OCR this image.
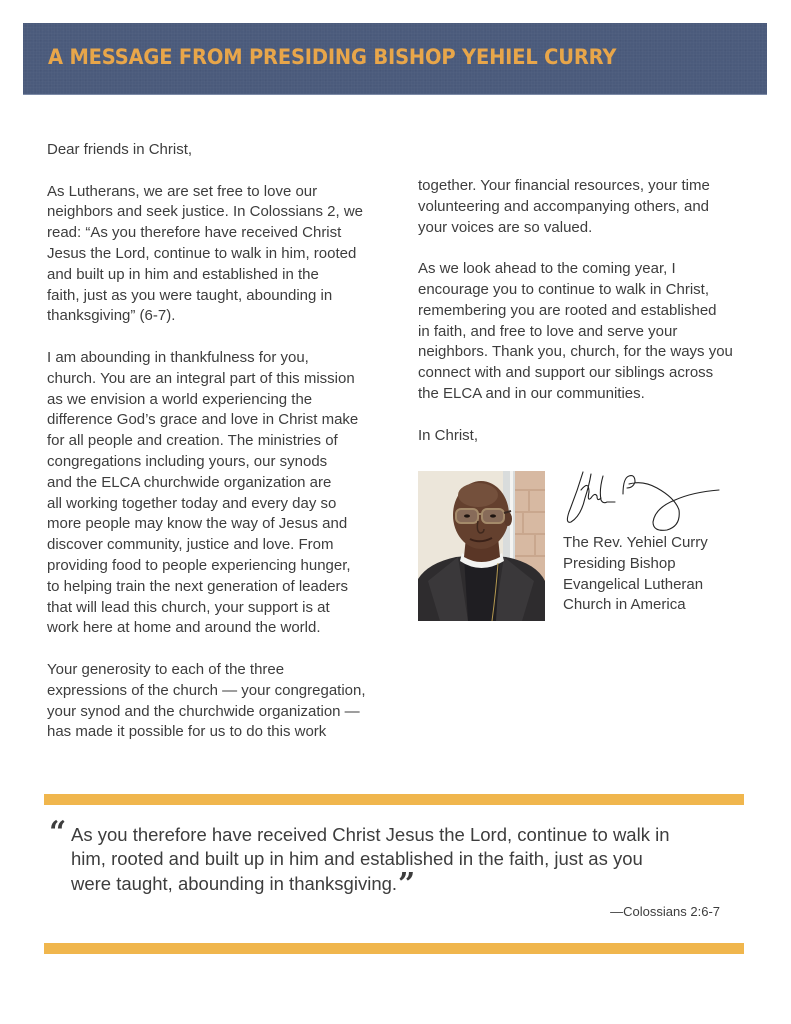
A MESSAGE FROM PRESIDING BISHOP YEHIEL CURRY
Dear friends in Christ,
As Lutherans, we are set free to love our
neighbors and seek justice. In Colossians 2, we
read: “As you therefore have received Christ
Jesus the Lord, continue to walk in him, rooted
and built up in him and established in the
faith, just as you were taught, abounding in
thanksgiving” (6-7).
I am abounding in thankfulness for you,
church. You are an integral part of this mission
as we envision a world experiencing the
difference God’s grace and love in Christ make
for all people and creation. The ministries of
congregations including yours, our synods
and the ELCA churchwide organization are
all working together today and every day so
more people may know the way of Jesus and
discover community, justice and love. From
providing food to people experiencing hunger,
to helping train the next generation of leaders
that will lead this church, your support is at
work here at home and around the world.
Your generosity to each of the three
expressions of the church — your congregation,
your synod and the churchwide organization —
has made it possible for us to do this work
together. Your financial resources, your time
volunteering and accompanying others, and
your voices are so valued.
As we look ahead to the coming year, I
encourage you to continue to walk in Christ,
remembering you are rooted and established
in faith, and free to love and serve your
neighbors. Thank you, church, for the ways you
connect with and support our siblings across
the ELCA and in our communities.
In Christ,
The Rev. Yehiel Curry
Presiding Bishop
Evangelical Lutheran
Church in America
“ As you therefore have received Christ Jesus the Lord, continue to walk in
him, rooted and built up in him and established in the faith, just as you
were taught, abounding in thanksgiving.”
—Colossians 2:6-7
